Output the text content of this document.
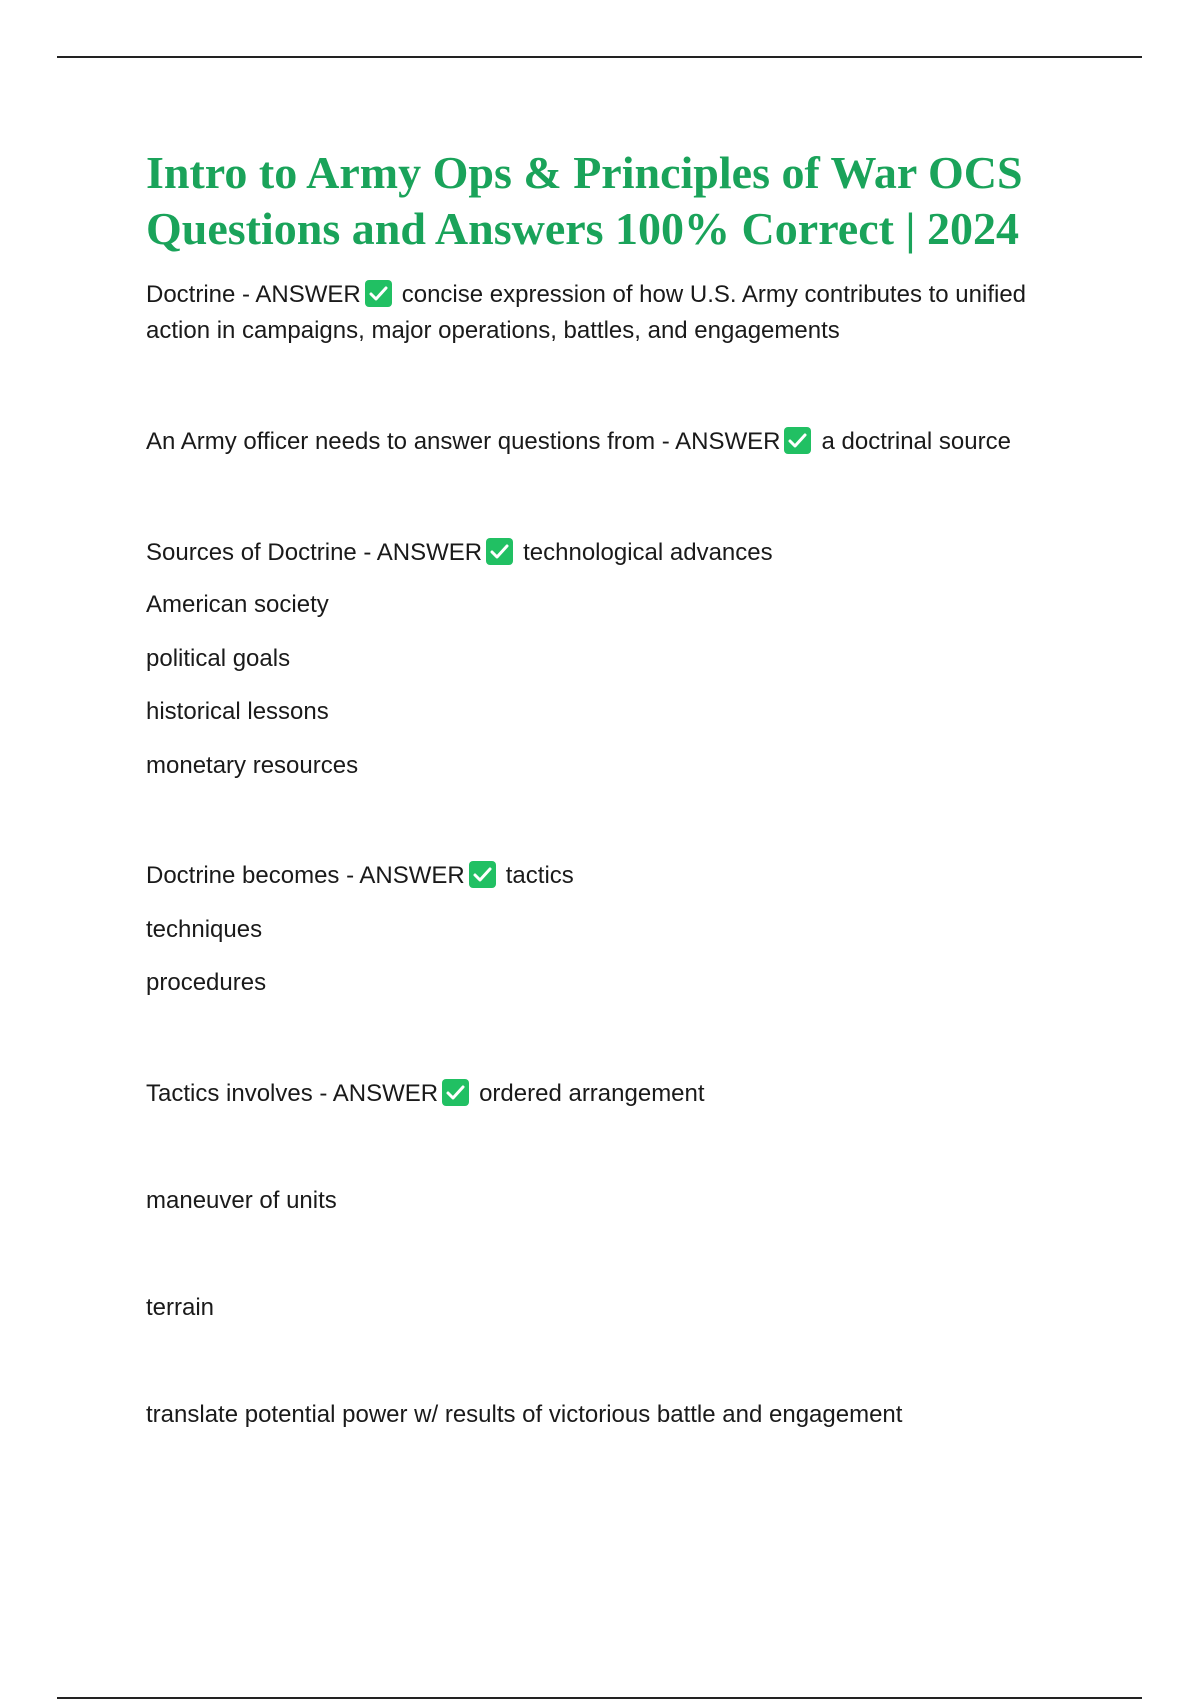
Intro to Army Ops & Principles of War OCS
Questions and Answers 100% Correct | 2024
Doctrine - ANSWER concise expression of how U.S. Army contributes to unified
action in campaigns, major operations, battles, and engagements
An Army officer needs to answer questions from - ANSWER a doctrinal source
Sources of Doctrine - ANSWER technological advances
American society
political goals
historical lessons
monetary resources
Doctrine becomes - ANSWER tactics
techniques
procedures
Tactics involves - ANSWER ordered arrangement
maneuver of units
terrain
translate potential power w/ results of victorious battle and engagement
